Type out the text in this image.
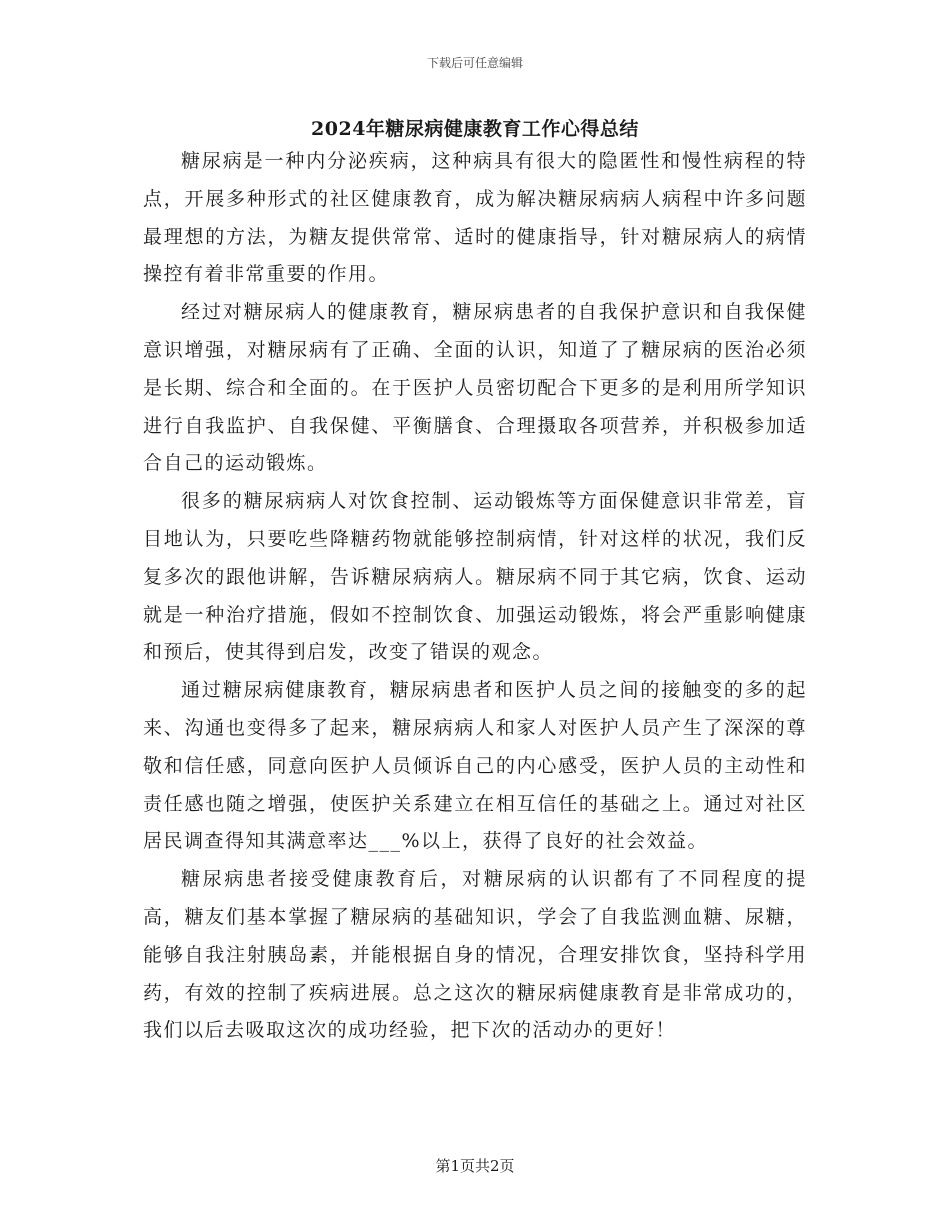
下载后可任意编辑
2024年糖尿病健康教育工作心得总结

糖尿病是一种内分泌疾病，这种病具有很大的隐匿性和慢性病程的特点，开展多种形式的社区健康教育，成为解决糖尿病病人病程中许多问题最理想的方法，为糖友提供常常、适时的健康指导，针对糖尿病人的病情操控有着非常重要的作用。

经过对糖尿病人的健康教育，糖尿病患者的自我保护意识和自我保健意识增强，对糖尿病有了正确、全面的认识，知道了了糖尿病的医治必须是长期、综合和全面的。在于医护人员密切配合下更多的是利用所学知识进行自我监护、自我保健、平衡膳食、合理摄取各项营养，并积极参加适合自己的运动锻炼。

很多的糖尿病病人对饮食控制、运动锻炼等方面保健意识非常差，盲目地认为，只要吃些降糖药物就能够控制病情，针对这样的状况，我们反复多次的跟他讲解，告诉糖尿病病人。糖尿病不同于其它病，饮食、运动就是一种治疗措施，假如不控制饮食、加强运动锻炼，将会严重影响健康和预后，使其得到启发，改变了错误的观念。

通过糖尿病健康教育，糖尿病患者和医护人员之间的接触变的多的起来、沟通也变得多了起来，糖尿病病人和家人对医护人员产生了深深的尊敬和信任感，同意向医护人员倾诉自己的内心感受，医护人员的主动性和责任感也随之增强，使医护关系建立在相互信任的基础之上。通过对社区居民调查得知其满意率达___%以上，获得了良好的社会效益。

糖尿病患者接受健康教育后，对糖尿病的认识都有了不同程度的提高，糖友们基本掌握了糖尿病的基础知识，学会了自我监测血糖、尿糖，能够自我注射胰岛素，并能根据自身的情况，合理安排饮食，坚持科学用药，有效的控制了疾病进展。总之这次的糖尿病健康教育是非常成功的，我们以后去吸取这次的成功经验，把下次的活动办的更好！

第1页共2页
